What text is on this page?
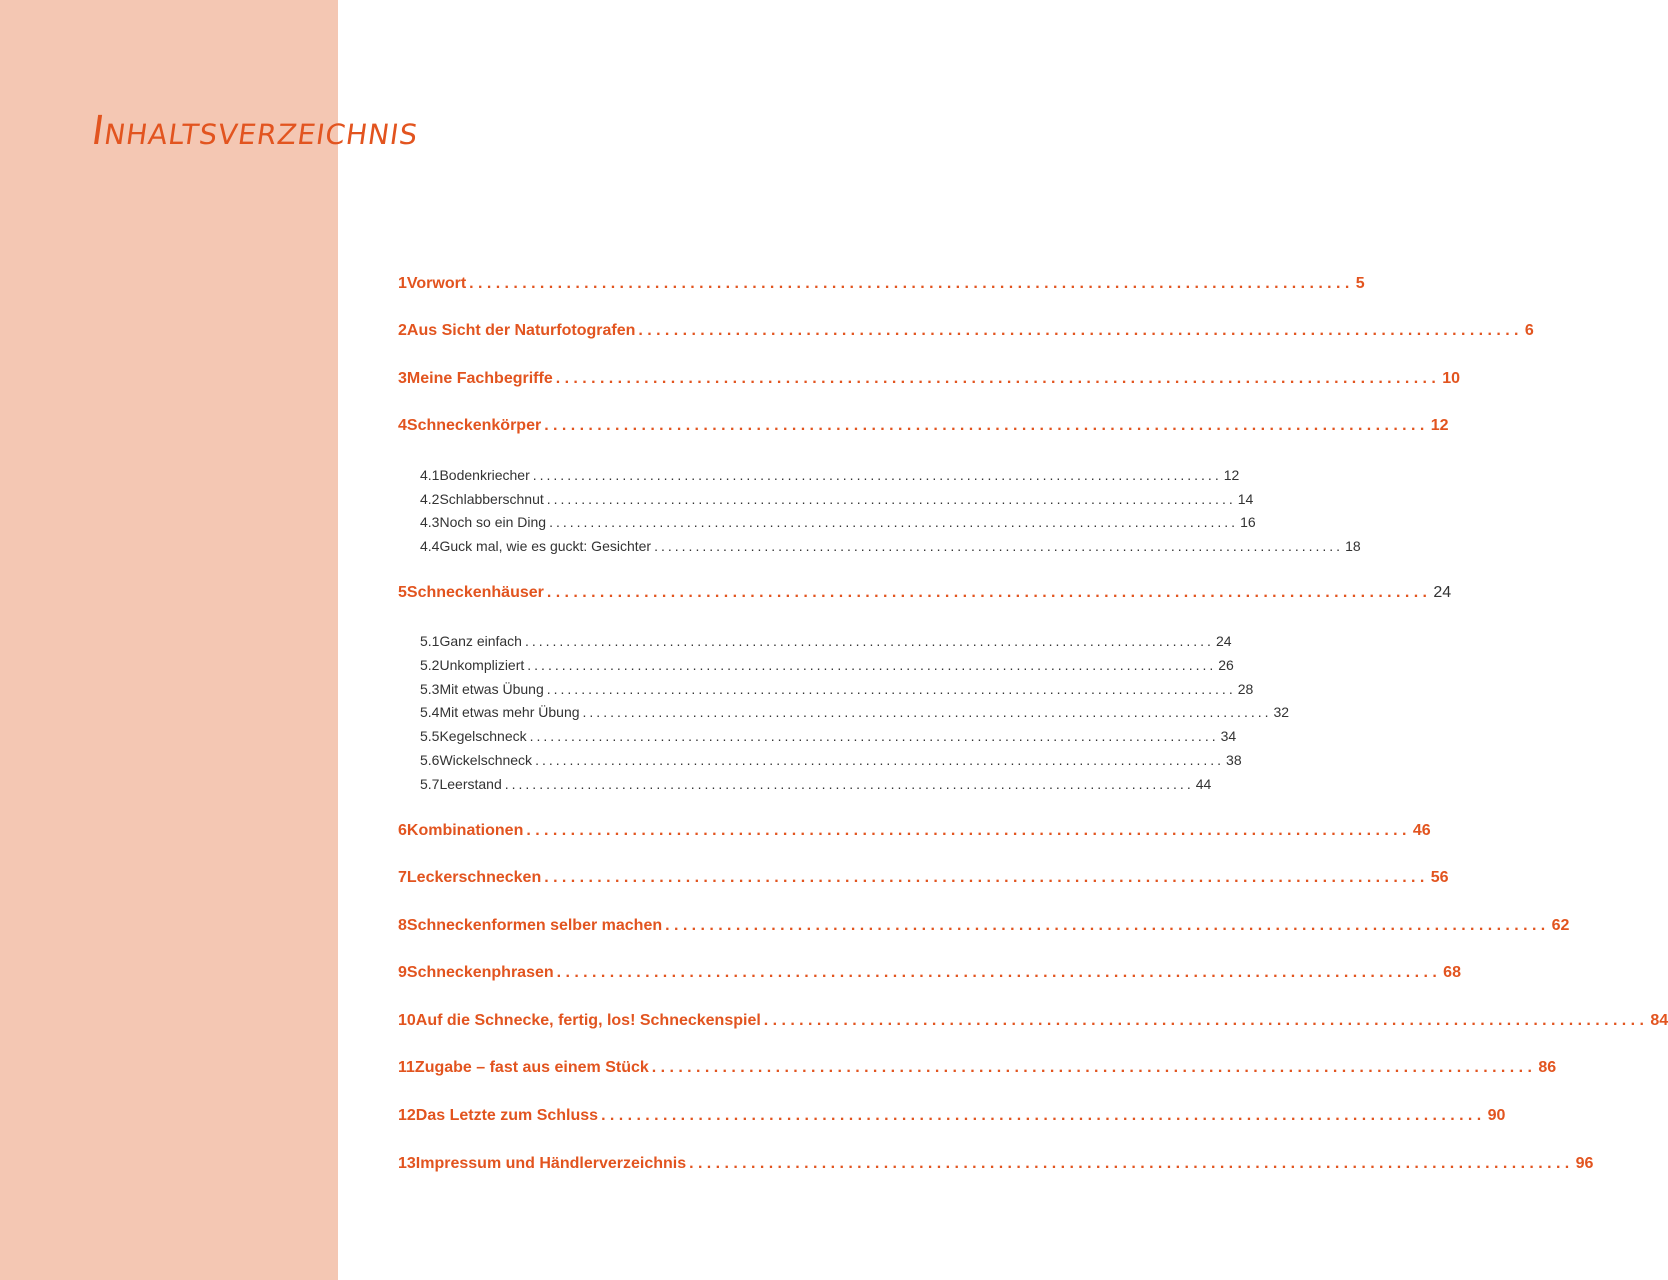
Inhaltsverzeichnis
1 Vorwort .................................................................................................... 5
2 Aus Sicht der Naturfotografen .................................................................................................... 6
3 Meine Fachbegriffe .................................................................................................... 10
4 Schneckenkörper .................................................................................................... 12
4.1 Bodenkriecher .................................................................................................... 12
4.2 Schlabberschnut .................................................................................................... 14
4.3 Noch so ein Ding .................................................................................................... 16
4.4 Guck mal, wie es guckt: Gesichter .................................................................................................... 18
5 Schneckenhäuser .................................................................................................... 24
5.1 Ganz einfach .................................................................................................... 24
5.2 Unkompliziert .................................................................................................... 26
5.3 Mit etwas Übung .................................................................................................... 28
5.4 Mit etwas mehr Übung .................................................................................................... 32
5.5 Kegelschneck .................................................................................................... 34
5.6 Wickelschneck .................................................................................................... 38
5.7 Leerstand .................................................................................................... 44
6 Kombinationen .................................................................................................... 46
7 Leckerschnecken .................................................................................................... 56
8 Schneckenformen selber machen .................................................................................................... 62
9 Schneckenphrasen .................................................................................................... 68
10 Auf die Schnecke, fertig, los! Schneckenspiel .................................................................................................... 84
11 Zugabe – fast aus einem Stück .................................................................................................... 86
12 Das Letzte zum Schluss .................................................................................................... 90
13 Impressum und Händlerverzeichnis .................................................................................................... 96
